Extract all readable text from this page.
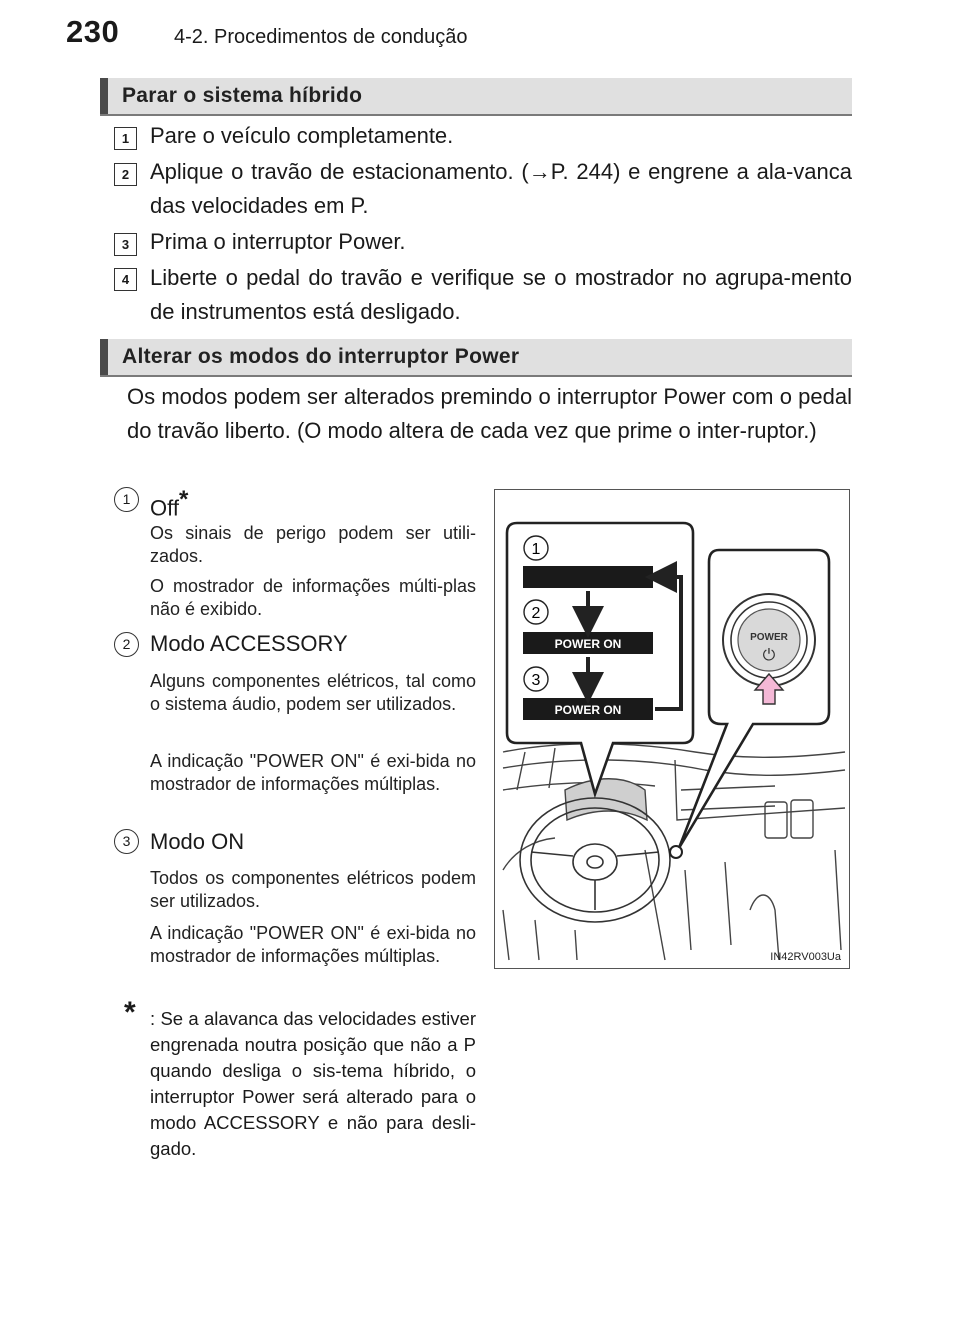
230	4-2. Procedimentos de condução
Parar o sistema híbrido
1 Pare o veículo completamente.
2 Aplique o travão de estacionamento. (→P. 244) e engrene a ala-vanca das velocidades em P.
3 Prima o interruptor Power.
4 Liberte o pedal do travão e verifique se o mostrador no agrupa-mento de instrumentos está desligado.
Alterar os modos do interruptor Power
Os modos podem ser alterados premindo o interruptor Power com o pedal do travão liberto. (O modo altera de cada vez que prime o inter-ruptor.)
1 Off*
Os sinais de perigo podem ser utili-zados.
O mostrador de informações múlti-plas não é exibido.
2 Modo ACCESSORY
Alguns componentes elétricos, tal como o sistema áudio, podem ser utilizados.
A indicação "POWER ON" é exi-bida no mostrador de informações múltiplas.
3 Modo ON
Todos os componentes elétricos podem ser utilizados.
A indicação "POWER ON" é exi-bida no mostrador de informações múltiplas.
* : Se a alavanca das velocidades estiver engrenada noutra posição que não a P quando desliga o sis-tema híbrido, o interruptor Power será alterado para o modo ACCESSORY e não para desli-gado.
POWER ON
POWER ON
1
2
3
POWER
⏻
IN42RV003Ua
